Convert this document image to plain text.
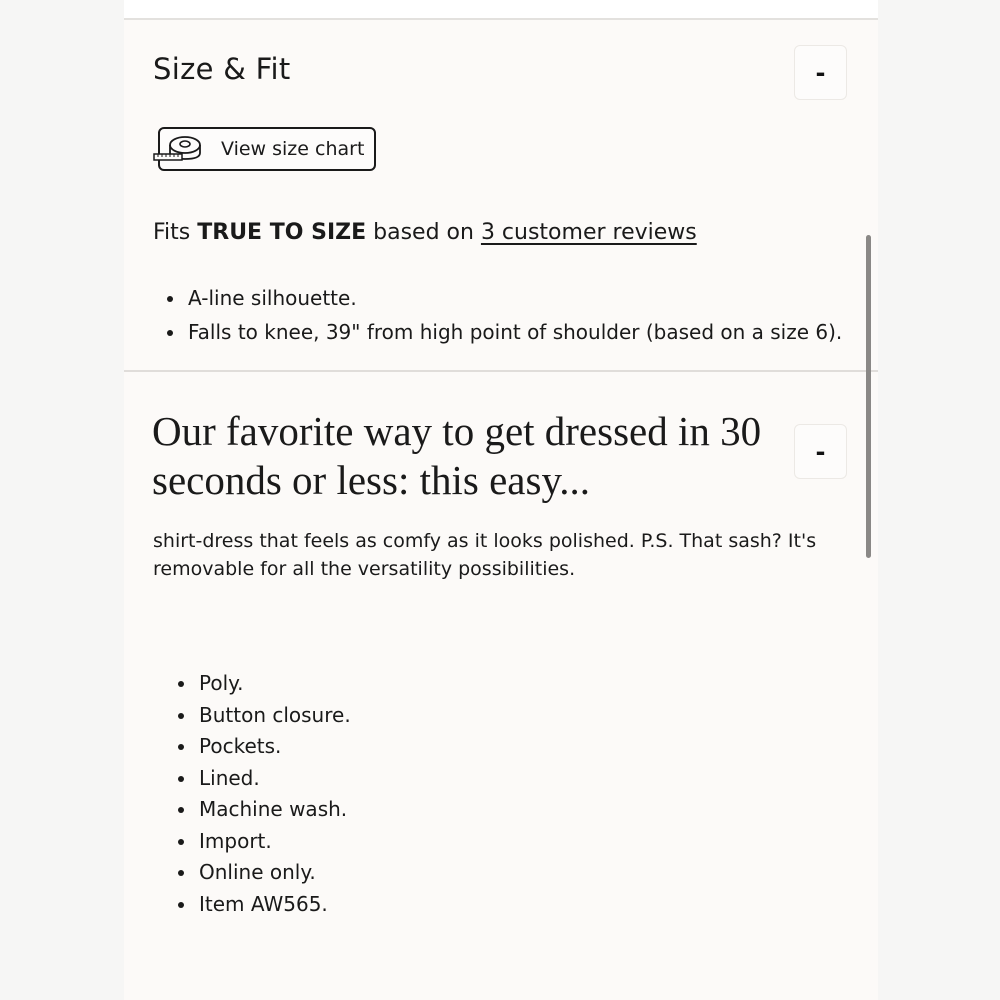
Size & Fit	-
View size chart
Fits TRUE TO SIZE based on 3 customer reviews
A-line silhouette.
Falls to knee, 39" from high point of shoulder (based on a size 6).
Our favorite way to get dressed in 30 seconds or less: this easy...
-
shirt-dress that feels as comfy as it looks polished. P.S. That sash? It's removable for all the versatility possibilities.
Poly.
Button closure.
Pockets.
Lined.
Machine wash.
Import.
Online only.
Item AW565.
